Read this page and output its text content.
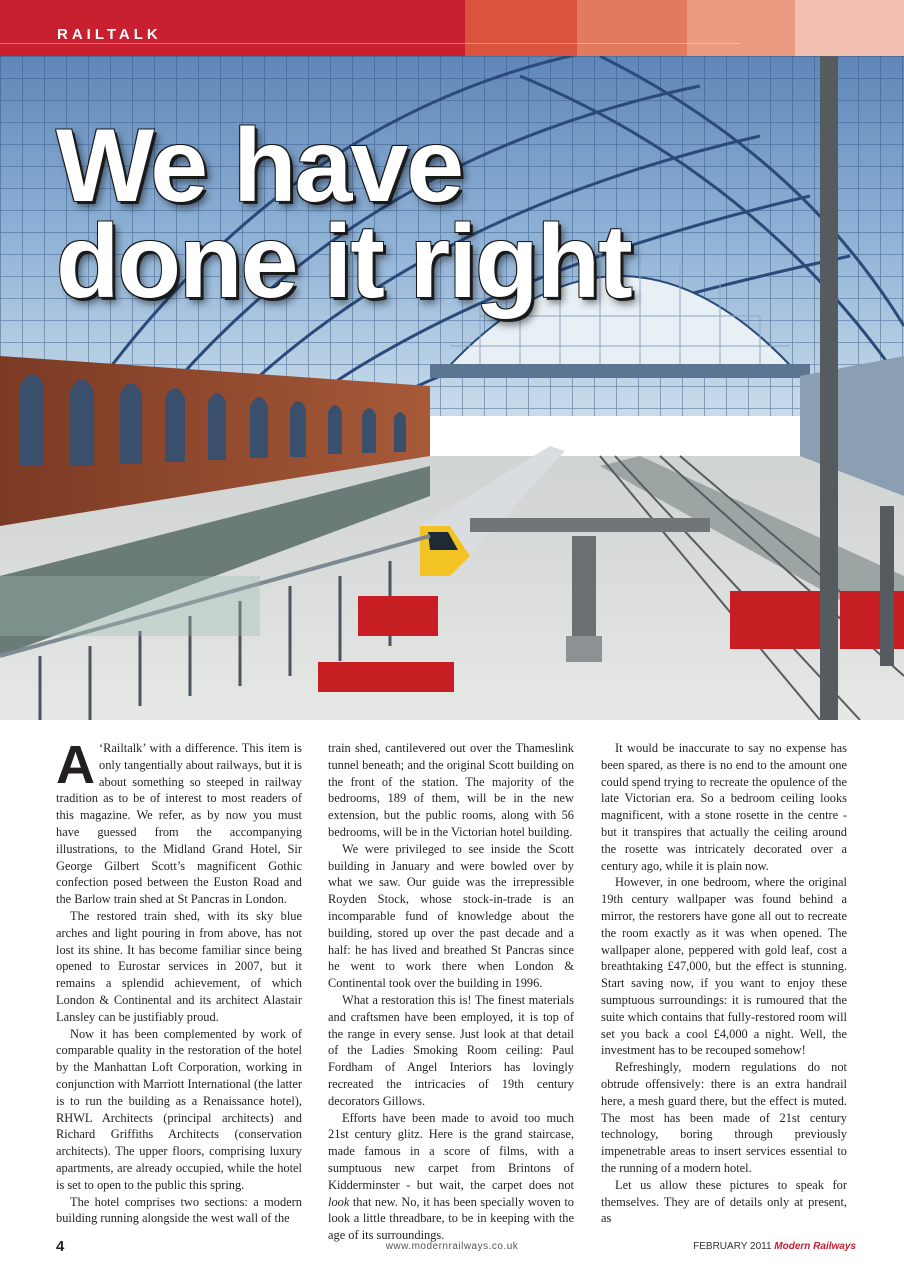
RAILTALK
We have
done it right

A ‘Railtalk’ with a difference. This item is only tangentially about railways, but it is about something so steeped in railway tradition as to be of interest to most readers of this magazine. We refer, as by now you must have guessed from the accompanying illustrations, to the Midland Grand Hotel, Sir George Gilbert Scott’s magnificent Gothic confection posed between the Euston Road and the Barlow train shed at St Pancras in London.

The restored train shed, with its sky blue arches and light pouring in from above, has not lost its shine. It has become familiar since being opened to Eurostar services in 2007, but it remains a splendid achievement, of which London & Continental and its architect Alastair Lansley can be justifiably proud.

Now it has been complemented by work of comparable quality in the restoration of the hotel by the Manhattan Loft Corporation, working in conjunction with Marriott International (the latter is to run the building as a Renaissance hotel), RHWL Architects (principal architects) and Richard Griffiths Architects (conservation architects). The upper floors, comprising luxury apartments, are already occupied, while the hotel is set to open to the public this spring.

The hotel comprises two sections: a modern building running alongside the west wall of the

train shed, cantilevered out over the Thameslink tunnel beneath; and the original Scott building on the front of the station. The majority of the bedrooms, 189 of them, will be in the new extension, but the public rooms, along with 56 bedrooms, will be in the Victorian hotel building.

We were privileged to see inside the Scott building in January and were bowled over by what we saw. Our guide was the irrepressible Royden Stock, whose stock-in-trade is an incomparable fund of knowledge about the building, stored up over the past decade and a half: he has lived and breathed St Pancras since he went to work there when London & Continental took over the building in 1996.

What a restoration this is! The finest materials and craftsmen have been employed, it is top of the range in every sense. Just look at that detail of the Ladies Smoking Room ceiling: Paul Fordham of Angel Interiors has lovingly recreated the intricacies of 19th century decorators Gillows.

Efforts have been made to avoid too much 21st century glitz. Here is the grand staircase, made famous in a score of films, with a sumptuous new carpet from Brintons of Kidderminster - but wait, the carpet does not look that new. No, it has been specially woven to look a little threadbare, to be in keeping with the age of its surroundings.

It would be inaccurate to say no expense has been spared, as there is no end to the amount one could spend trying to recreate the opulence of the late Victorian era. So a bedroom ceiling looks magnificent, with a stone rosette in the centre - but it transpires that actually the ceiling around the rosette was intricately decorated over a century ago, while it is plain now.

However, in one bedroom, where the original 19th century wallpaper was found behind a mirror, the restorers have gone all out to recreate the room exactly as it was when opened. The wallpaper alone, peppered with gold leaf, cost a breathtaking £47,000, but the effect is stunning. Start saving now, if you want to enjoy these sumptuous surroundings: it is rumoured that the suite which contains that fully-restored room will set you back a cool £4,000 a night. Well, the investment has to be recouped somehow!

Refreshingly, modern regulations do not obtrude offensively: there is an extra handrail here, a mesh guard there, but the effect is muted. The most has been made of 21st century technology, boring through previously impenetrable areas to insert services essential to the running of a modern hotel.

Let us allow these pictures to speak for themselves. They are of details only at present, as

4	www.modernrailways.co.uk	FEBRUARY 2011 Modern Railways
